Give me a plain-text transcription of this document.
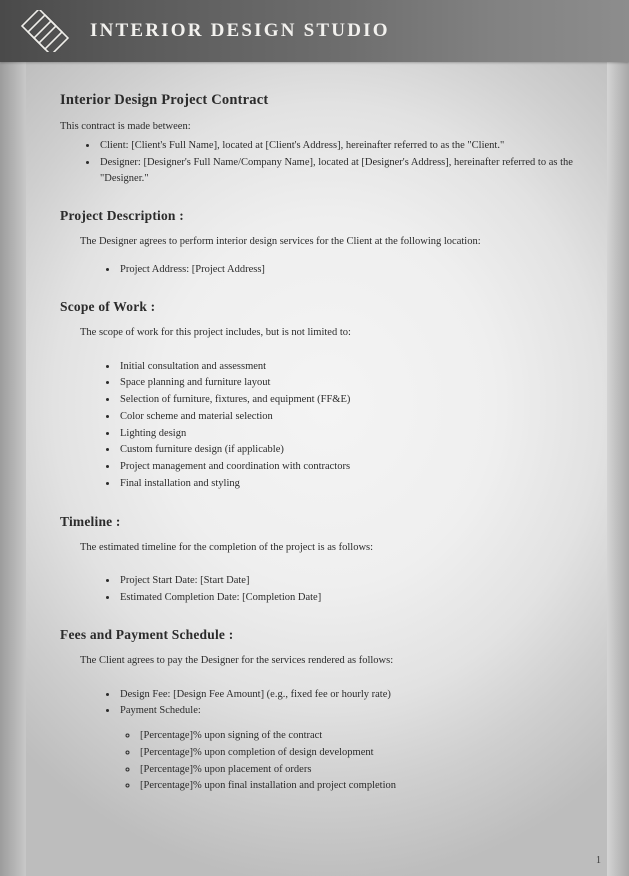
INTERIOR DESIGN STUDIO
Interior Design Project Contract

This contract is made between:

• Client: [Client's Full Name], located at [Client's Address], hereinafter referred to as the "Client."
• Designer: [Designer's Full Name/Company Name], located at [Designer's Address], hereinafter referred to as the "Designer."
Project Description :

The Designer agrees to perform interior design services for the Client at the following location:

• Project Address: [Project Address]
Scope of Work :

The scope of work for this project includes, but is not limited to:

• Initial consultation and assessment
• Space planning and furniture layout
• Selection of furniture, fixtures, and equipment (FF&E)
• Color scheme and material selection
• Lighting design
• Custom furniture design (if applicable)
• Project management and coordination with contractors
• Final installation and styling
Timeline :

The estimated timeline for the completion of the project is as follows:

• Project Start Date: [Start Date]
• Estimated Completion Date: [Completion Date]
Fees and Payment Schedule :

The Client agrees to pay the Designer for the services rendered as follows:

• Design Fee: [Design Fee Amount] (e.g., fixed fee or hourly rate)
• Payment Schedule:
◦ [Percentage]% upon signing of the contract
◦ [Percentage]% upon completion of design development
◦ [Percentage]% upon placement of orders
◦ [Percentage]% upon final installation and project completion
1
